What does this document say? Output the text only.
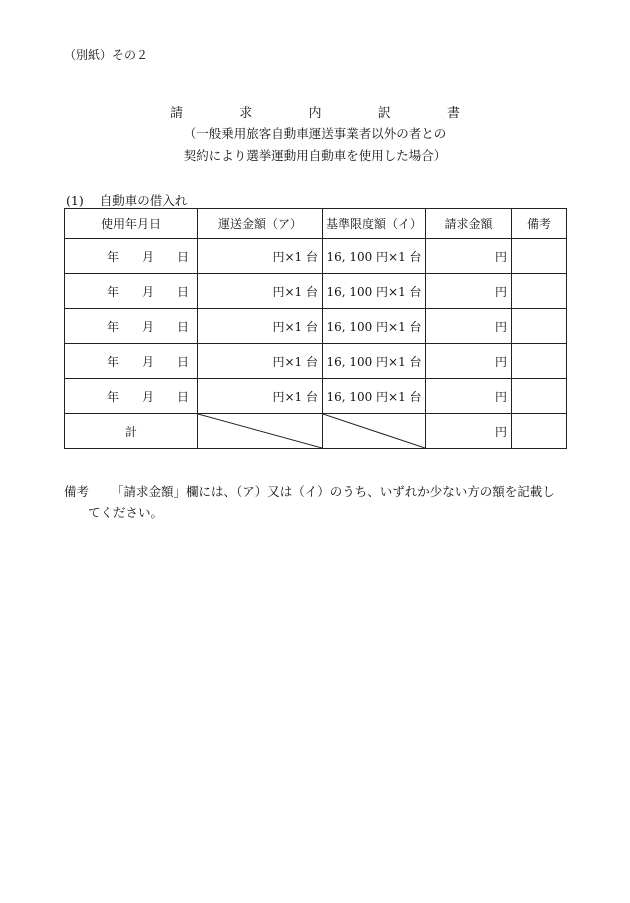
（別紙）その２
請	求	内	訳	書
（一般乗用旅客自動車運送事業者以外の者との
契約により選挙運動用自動車を使用した場合）
(1) 自動車の借入れ
使用年月日	運送金額（ア）	基準限度額（イ）	請求金額	備考

年 月 日	円×1 台	16, 100 円×1 台	円	

年 月 日	円×1 台	16, 100 円×1 台	円	

年 月 日	円×1 台	16, 100 円×1 台	円	

年 月 日	円×1 台	16, 100 円×1 台	円	

年 月 日	円×1 台	16, 100 円×1 台	円	
計			円	
備考 「請求金額」欄には、（ア）又は（イ）のうち、いずれか少ない方の額を記載し
てください。
